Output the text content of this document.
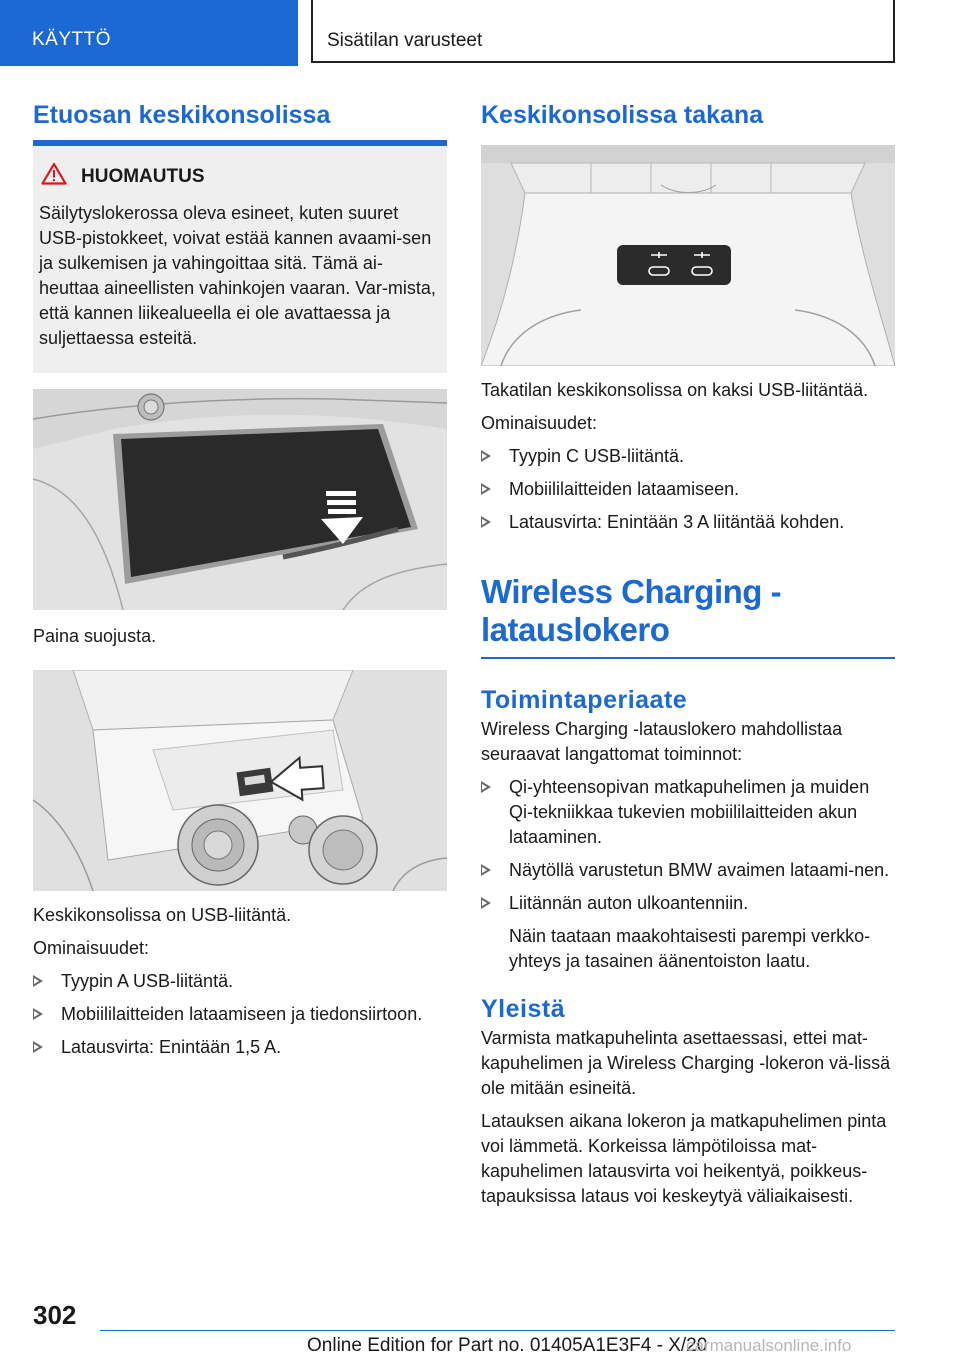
KÄYTTÖ	Sisätilan varusteet
Etuosan keskikonsolissa
HUOMAUTUS

Säilytyslokerossa oleva esineet, kuten suuret USB-pistokkeet, voivat estää kannen avaami-sen ja sulkemisen ja vahingoittaa sitä. Tämä ai-heuttaa aineellisten vahinkojen vaaran. Var-mista, että kannen liikealueella ei ole avattaessa ja suljettaessa esteitä.

Paina suojusta.

Keskikonsolissa on USB-liitäntä.

Ominaisuudet:

Tyypin A USB-liitäntä.
Mobiililaitteiden lataamiseen ja tiedonsiirtoon.
Latausvirta: Enintään 1,5 A.
Keskikonsolissa takana

Takatilan keskikonsolissa on kaksi USB-liitäntää.

Ominaisuudet:

Tyypin C USB-liitäntä.
Mobiililaitteiden lataamiseen.
Latausvirta: Enintään 3 A liitäntää kohden.
Wireless Charging -latauslokero
Toimintaperiaate

Wireless Charging -latauslokero mahdollistaa seuraavat langattomat toiminnot:

Qi-yhteensopivan matkapuhelimen ja muiden Qi-tekniikkaa tukevien mobiililaitteiden akun lataaminen.
Näytöllä varustetun BMW avaimen lataami-nen.
Liitännän auton ulkoantenniin.
Näin taataan maakohtaisesti parempi verkko-yhteys ja tasainen äänentoiston laatu.
Yleistä

Varmista matkapuhelinta asettaessasi, ettei mat-kapuhelimen ja Wireless Charging -lokeron vä-lissä ole mitään esineitä.

Latauksen aikana lokeron ja matkapuhelimen pinta voi lämmetä. Korkeissa lämpötiloissa mat-kapuhelimen latausvirta voi heikentyä, poikkeus-tapauksissa lataus voi keskeytyä väliaikaisesti.

302
Online Edition for Part no. 01405A1E3F4 - X/20
carmanualsonline.info
